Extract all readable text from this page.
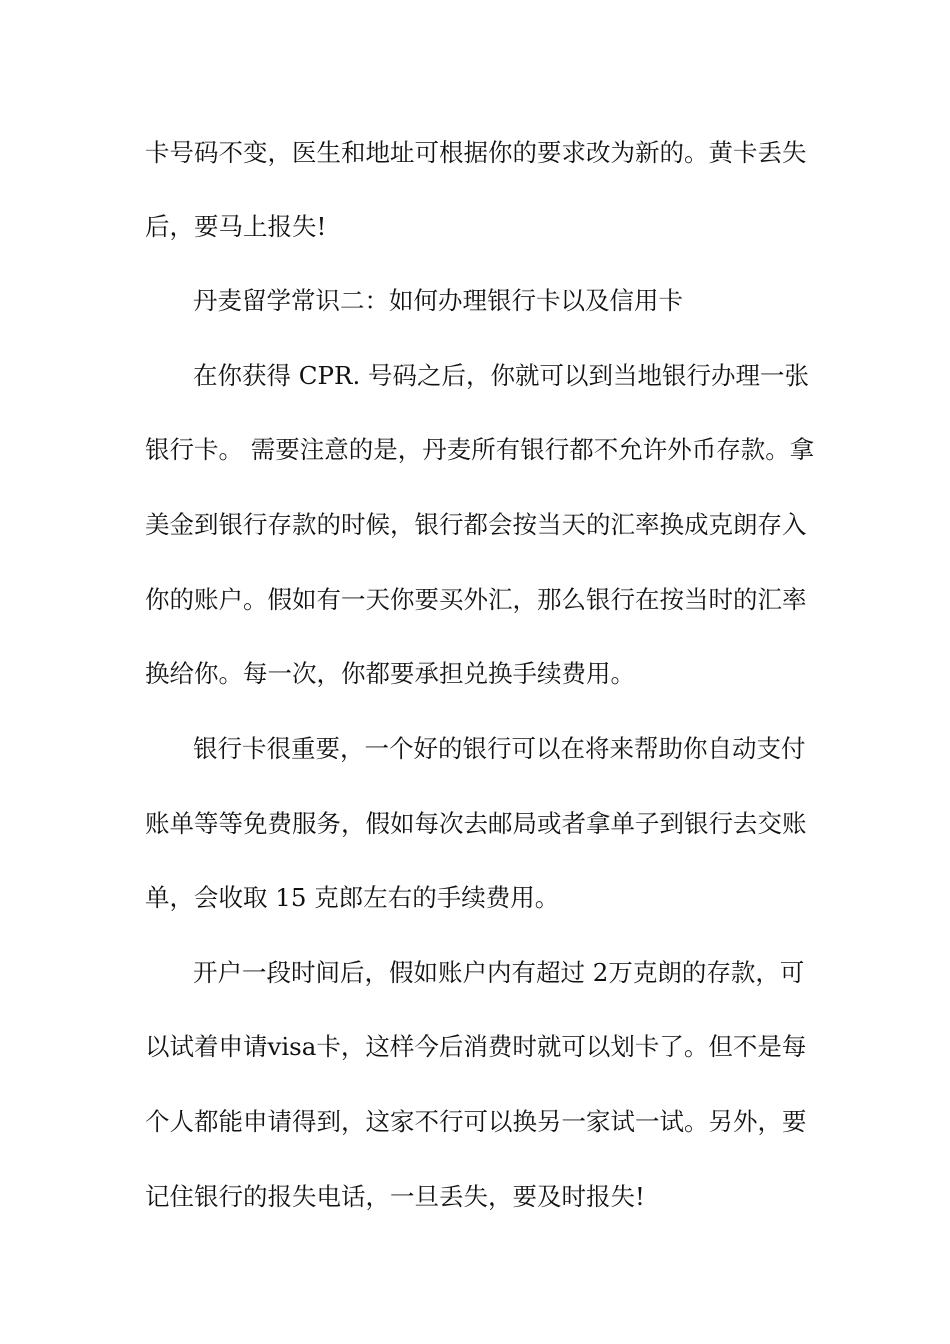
卡号码不变，医生和地址可根据你的要求改为新的。黄卡丢失
后，要马上报失!
丹麦留学常识二：如何办理银行卡以及信用卡
在你获得 CPR. 号码之后，你就可以到当地银行办理一张
银行卡。 需要注意的是，丹麦所有银行都不允许外币存款。拿
美金到银行存款的时候，银行都会按当天的汇率换成克朗存入
你的账户。假如有一天你要买外汇，那么银行在按当时的汇率
换给你。每一次，你都要承担兑换手续费用。
银行卡很重要，一个好的银行可以在将来帮助你自动支付
账单等等免费服务，假如每次去邮局或者拿单子到银行去交账
单，会收取 15 克郎左右的手续费用。
开户一段时间后，假如账户内有超过 2万克朗的存款，可
以试着申请visa卡，这样今后消费时就可以划卡了。但不是每
个人都能申请得到，这家不行可以换另一家试一试。另外，要
记住银行的报失电话，一旦丢失，要及时报失!
